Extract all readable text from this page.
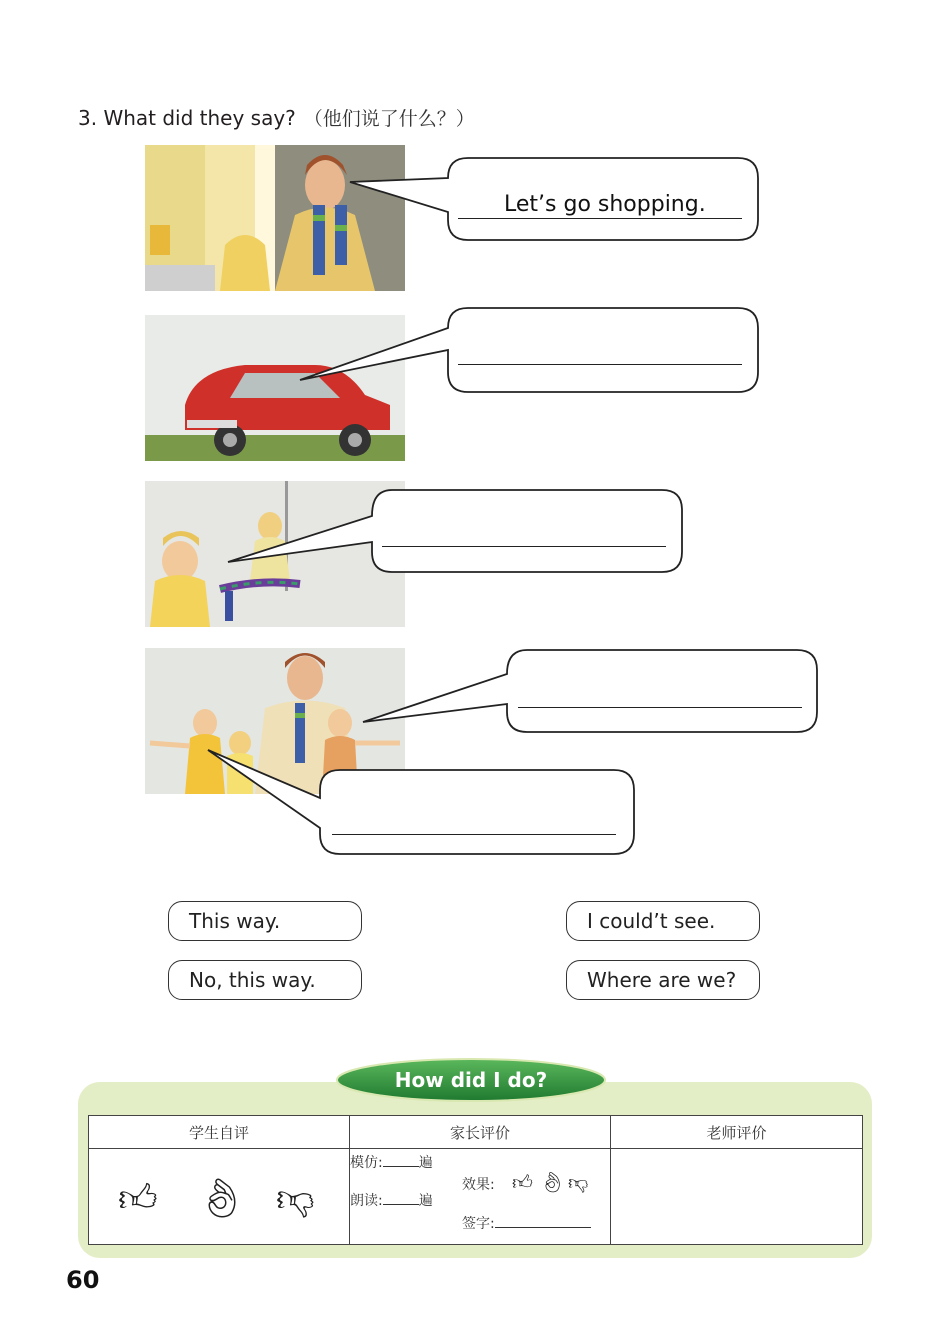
3. What did they say? （他们说了什么？）
Let’s go shopping.
This way.
No, this way.
I could’t see.
Where are we?
How did I do?
学生自评	家长评价	老师评价

👍︎ 👌︎ 👎︎
模仿:	遍
朗读:	遍
效果: 👍︎ 👌︎ 👎︎
签字:
60
